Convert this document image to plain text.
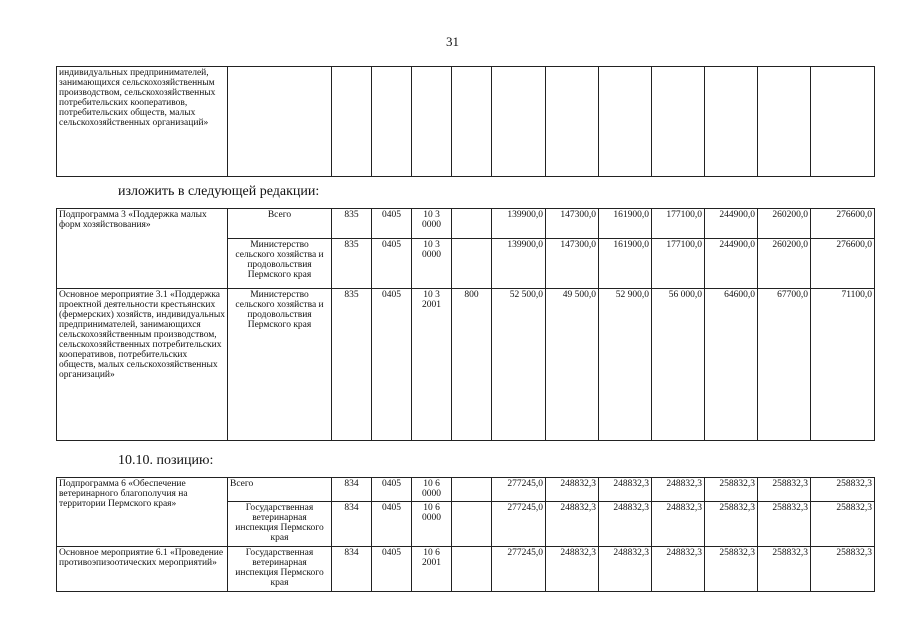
31
индивидуальных предпринимателей, занимающихся сельскохозяйственным производством, сельскохозяйственных потребительских кооперативов, потребительских обществ, малых сельскохозяйственных организаций»												
изложить в следующей редакции:
Подпрограмма 3 «Поддержка малых форм хозяйствования»	Всего	835	0405	10 3 0000		139900,0	147300,0	161900,0	177100,0	244900,0	260200,0	276600,0
	Министерство сельского хозяйства и продовольствия Пермского края	835	0405	10 3 0000		139900,0	147300,0	161900,0	177100,0	244900,0	260200,0	276600,0
Основное мероприятие 3.1 «Поддержка проектной деятельности крестьянских (фермерских) хозяйств, индивидуальных предпринимателей, занимающихся сельскохозяйственным производством, сельскохозяйственных потребительских кооперативов, потребительских обществ, малых сельскохозяйственных организаций»	Министерство сельского хозяйства и продовольствия Пермского края	835	0405	10 3 2001	800	52 500,0	49 500,0	52 900,0	56 000,0	64600,0	67700,0	71100,0
10.10. позицию:
Подпрограмма 6 «Обеспечение ветеринарного благополучия на территории Пермского края»	Всего	834	0405	10 6 0000		277245,0	248832,3	248832,3	248832,3	258832,3	258832,3	258832,3
	Государственная ветеринарная инспекция Пермского края	834	0405	10 6 0000		277245,0	248832,3	248832,3	248832,3	258832,3	258832,3	258832,3
Основное мероприятие 6.1 «Проведение противоэпизоотических мероприятий»	Государственная ветеринарная инспекция Пермского края	834	0405	10 6 2001		277245,0	248832,3	248832,3	248832,3	258832,3	258832,3	258832,3
